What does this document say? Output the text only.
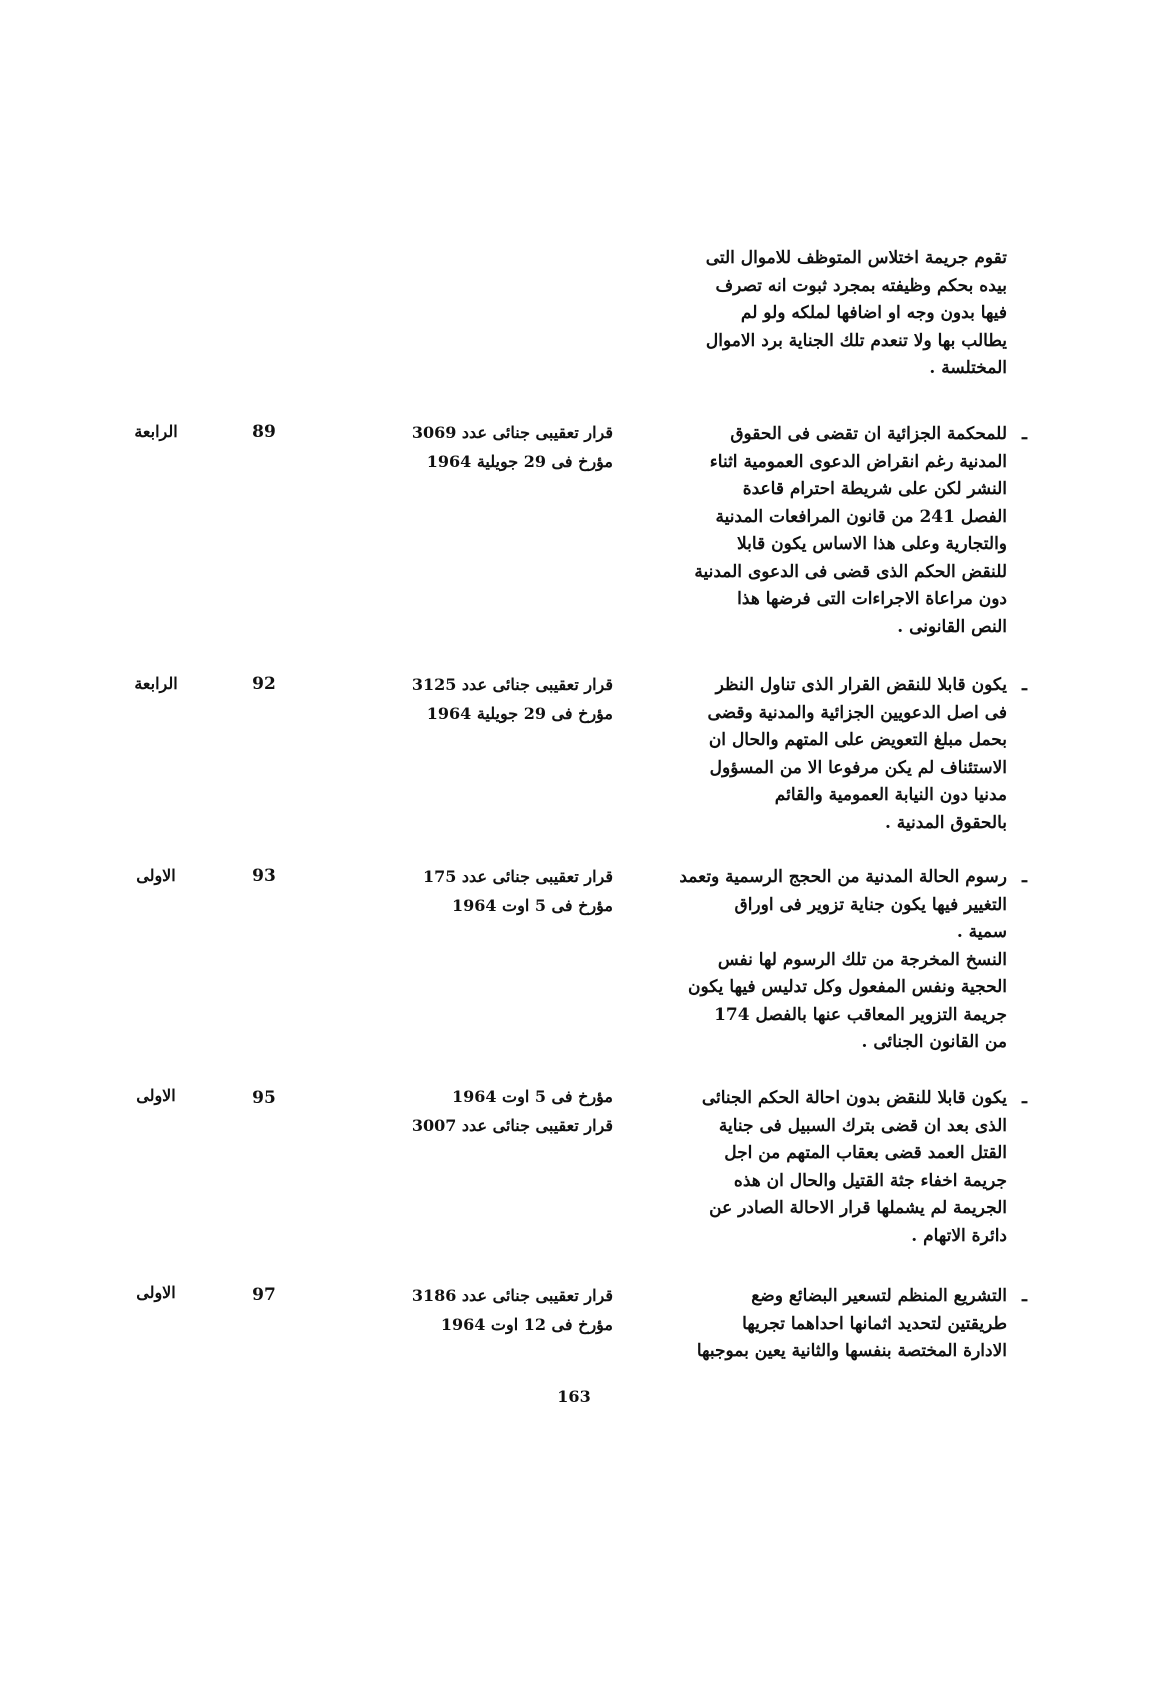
تقوم جريمة اختلاس المتوظف للاموال التى

بيده بحكم وظيفته بمجرد ثبوت انه تصرف

فيها بدون وجه او اضافها لملكه ولو لم

يطالب بها ولا تنعدم تلك الجناية برد الاموال

المختلسة .

ـ

للمحكمة الجزائية ان تقضى فى الحقوق

المدنية رغم انقراض الدعوى العمومية اثناء

النشر لكن على شريطة احترام قاعدة

الفصل 241 من قانون المرافعات المدنية

والتجارية وعلى هذا الاساس يكون قابلا

للنقض الحكم الذى قضى فى الدعوى المدنية

دون مراعاة الاجراءات التى فرضها هذا

النص القانونى .

قرار تعقيبى جنائى عدد 3069
مؤرخ فى 29 جويلية 1964
89
الرابعة
ـ

يكون قابلا للنقض القرار الذى تناول النظر

فى اصل الدعويين الجزائية والمدنية وقضى

بحمل مبلغ التعويض على المتهم والحال ان

الاستئناف لم يكن مرفوعا الا من المسؤول

مدنيا دون النيابة العمومية والقائم

بالحقوق المدنية .

قرار تعقيبى جنائى عدد 3125
مؤرخ فى 29 جويلية 1964
92
الرابعة
ـ

رسوم الحالة المدنية من الحجج الرسمية وتعمد

التغيير فيها يكون جناية تزوير فى اوراق

سمية .

النسخ المخرجة من تلك الرسوم لها نفس

الحجية ونفس المفعول وكل تدليس فيها يكون

جريمة التزوير المعاقب عنها بالفصل 174

من القانون الجنائى .

قرار تعقيبى جنائى عدد 175
مؤرخ فى 5 اوت 1964
93
الاولى
ـ

يكون قابلا للنقض بدون احالة الحكم الجنائى

الذى بعد ان قضى بترك السبيل فى جناية

القتل العمد قضى بعقاب المتهم من اجل

جريمة اخفاء جثة القتيل والحال ان هذه

الجريمة لم يشملها قرار الاحالة الصادر عن

دائرة الاتهام .

مؤرخ فى 5 اوت 1964
قرار تعقيبى جنائى عدد 3007
95
الاولى
ـ

التشريع المنظم لتسعير البضائع وضع

طريقتين لتحديد اثمانها احداهما تجريها

الادارة المختصة بنفسها والثانية يعين بموجبها

قرار تعقيبى جنائى عدد 3186
مؤرخ فى 12 اوت 1964
97
الاولى
163
